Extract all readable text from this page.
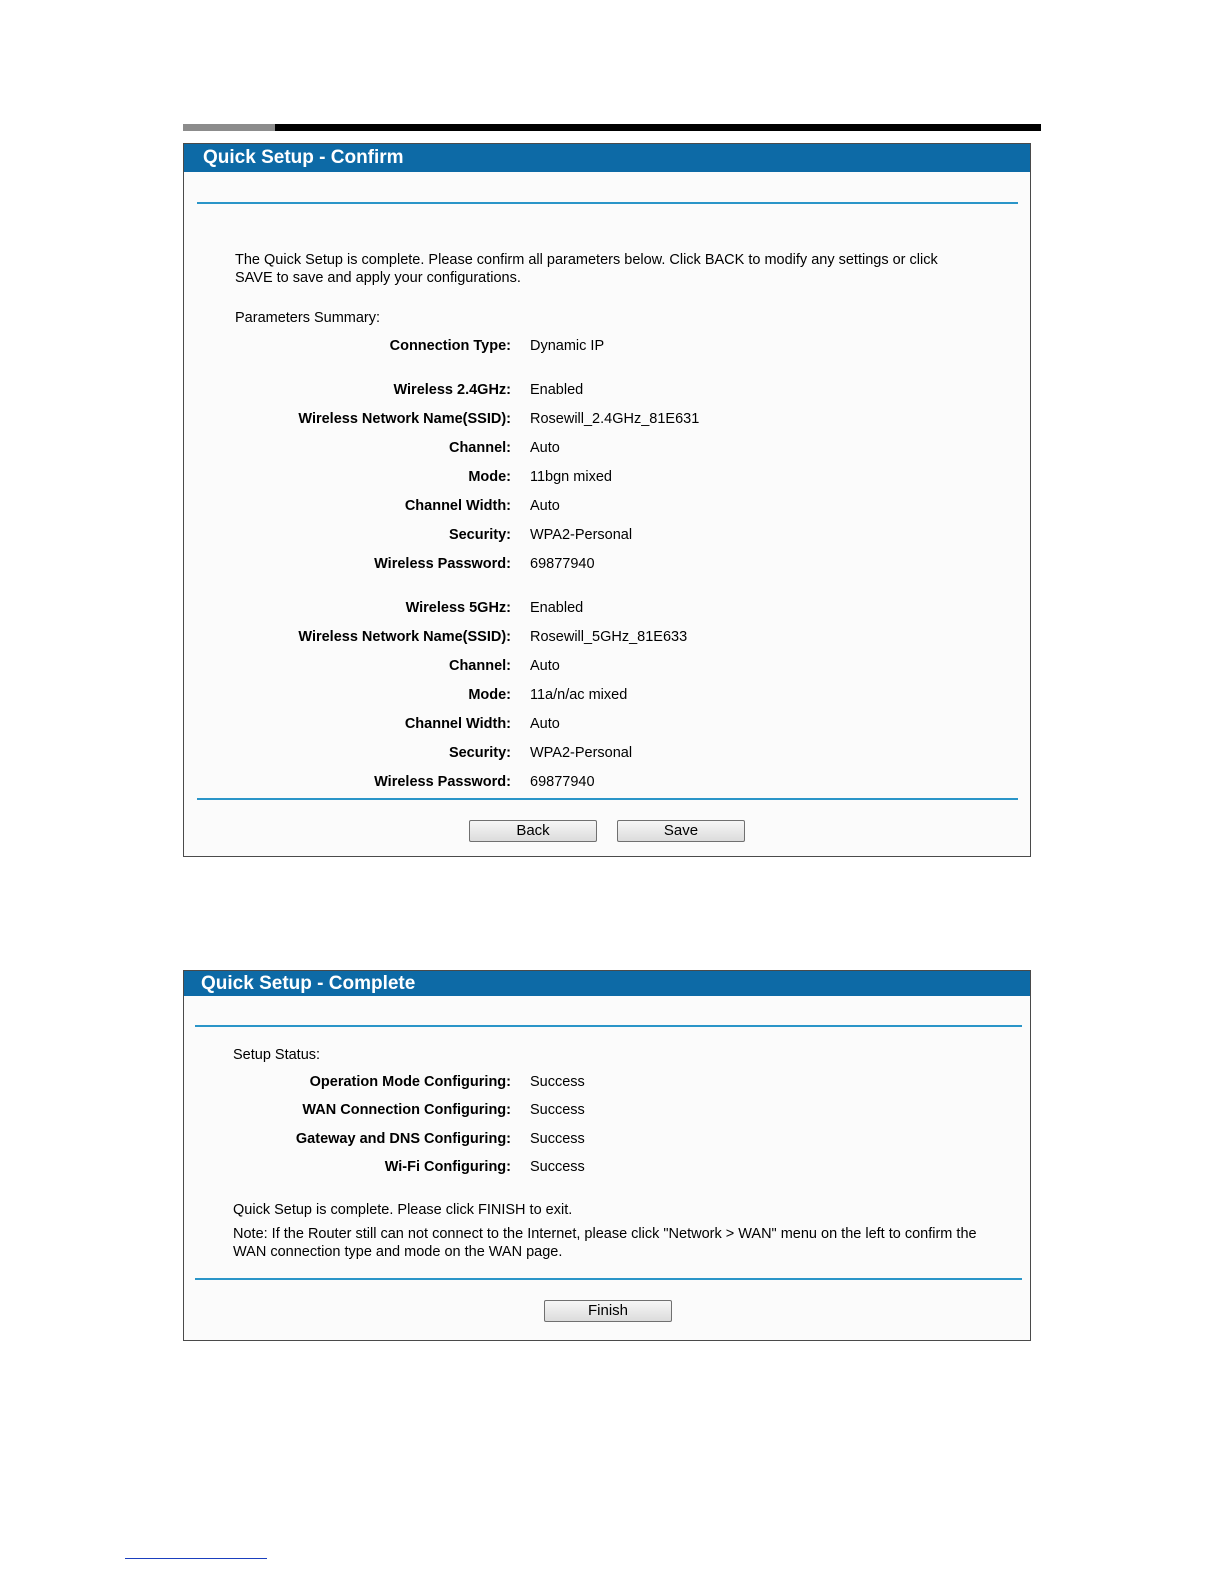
Quick Setup - Confirm
The Quick Setup is complete. Please confirm all parameters below. Click BACK to modify any settings or click SAVE to save and apply your configurations.
Parameters Summary:
Connection Type: Dynamic IP
Wireless 2.4GHz: Enabled
Wireless Network Name(SSID): Rosewill_2.4GHz_81E631
Channel: Auto
Mode: 11bgn mixed
Channel Width: Auto
Security: WPA2-Personal
Wireless Password: 69877940
Wireless 5GHz: Enabled
Wireless Network Name(SSID): Rosewill_5GHz_81E633
Channel: Auto
Mode: 11a/n/ac mixed
Channel Width: Auto
Security: WPA2-Personal
Wireless Password: 69877940
Back	Save
Quick Setup - Complete
Setup Status:
Operation Mode Configuring: Success
WAN Connection Configuring: Success
Gateway and DNS Configuring: Success
Wi-Fi Configuring: Success
Quick Setup is complete. Please click FINISH to exit.
Note: If the Router still can not connect to the Internet, please click "Network > WAN" menu on the left to confirm the WAN connection type and mode on the WAN page.
Finish
